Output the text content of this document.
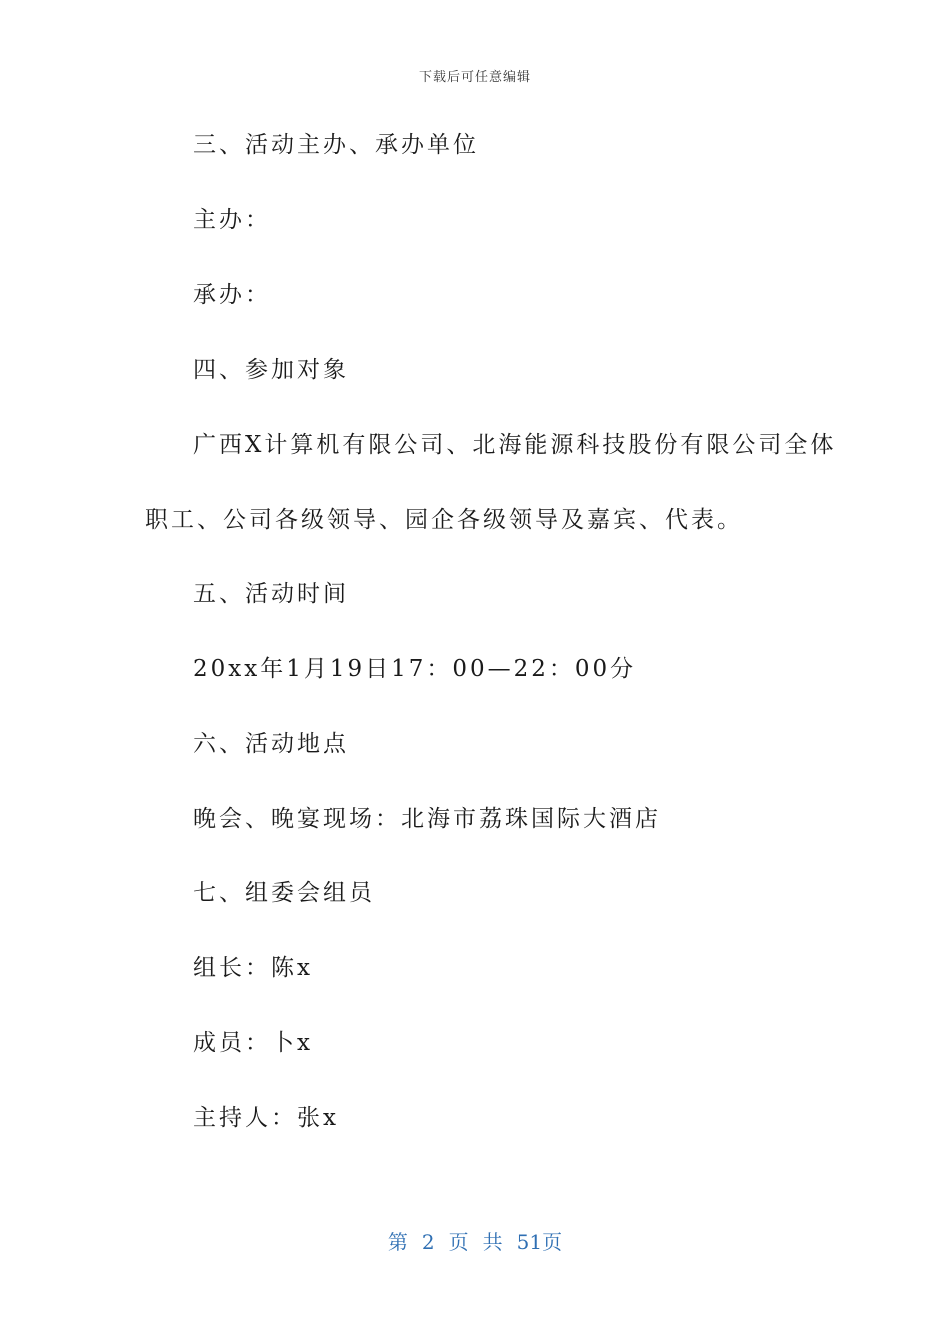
下载后可任意编辑
三、活动主办、承办单位
主办：
承办：
四、参加对象
广西X计算机有限公司、北海能源科技股份有限公司全体
职工、公司各级领导、园企各级领导及嘉宾、代表。
五、活动时间
20xx年1月19日17：00—22：00分
六、活动地点
晚会、晚宴现场：北海市荔珠国际大酒店
七、组委会组员
组长：陈x
成员：卜x
主持人：张x
第 2 页 共 51页
